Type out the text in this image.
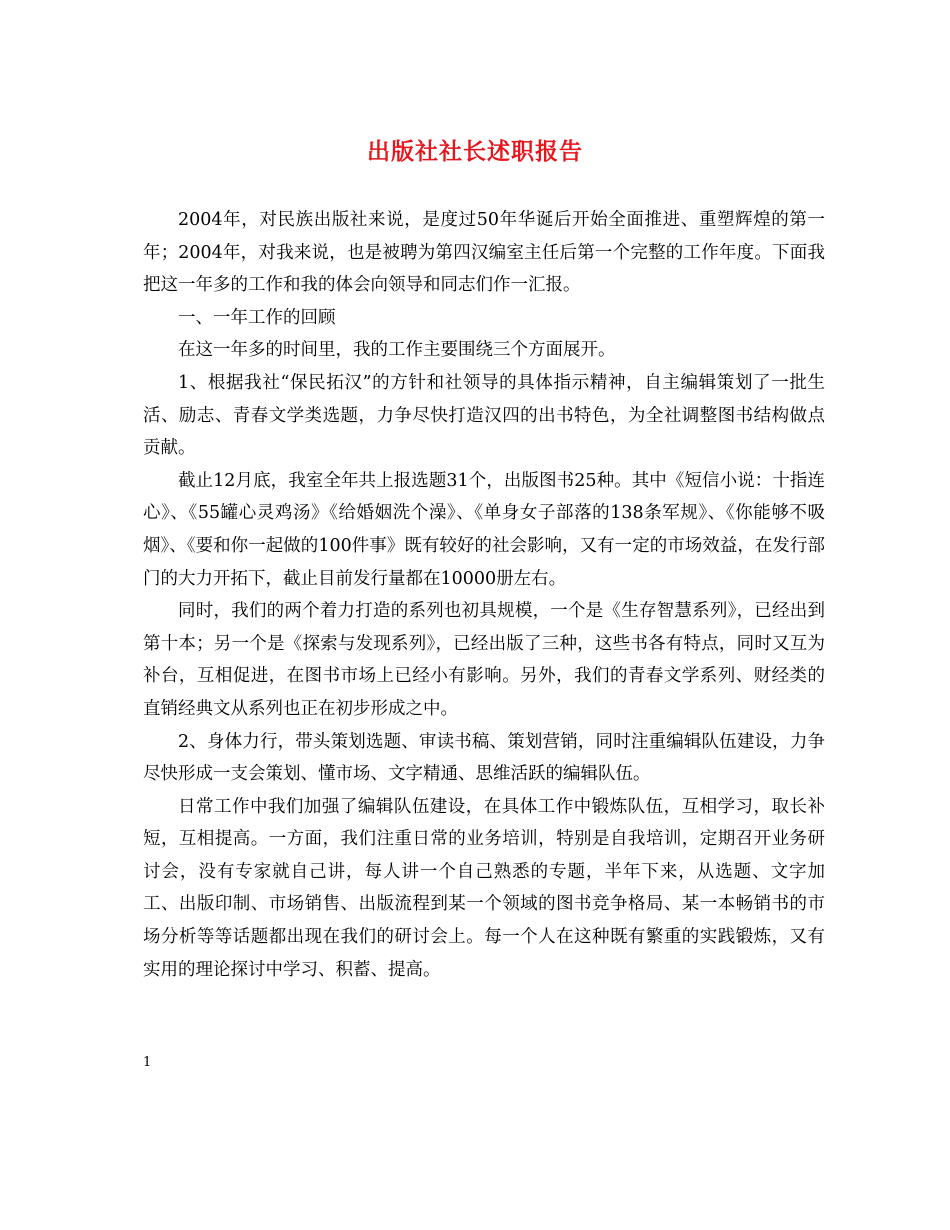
出版社社长述职报告

2004年，对民族出版社来说，是度过50年华诞后开始全面推进、重塑辉煌的第一年；2004年，对我来说，也是被聘为第四汉编室主任后第一个完整的工作年度。下面我把这一年多的工作和我的体会向领导和同志们作一汇报。

一、一年工作的回顾

在这一年多的时间里，我的工作主要围绕三个方面展开。

1、根据我社“保民拓汉”的方针和社领导的具体指示精神，自主编辑策划了一批生活、励志、青春文学类选题，力争尽快打造汉四的出书特色，为全社调整图书结构做点贡献。

截止12月底，我室全年共上报选题31个，出版图书25种。其中《短信小说：十指连心》、《55罐心灵鸡汤》《给婚姻洗个澡》、《单身女子部落的138条军规》、《你能够不吸烟》、《要和你一起做的100件事》既有较好的社会影响，又有一定的市场效益，在发行部门的大力开拓下，截止目前发行量都在10000册左右。

同时，我们的两个着力打造的系列也初具规模，一个是《生存智慧系列》，已经出到第十本；另一个是《探索与发现系列》，已经出版了三种，这些书各有特点，同时又互为补台，互相促进，在图书市场上已经小有影响。另外，我们的青春文学系列、财经类的直销经典文从系列也正在初步形成之中。

2、身体力行，带头策划选题、审读书稿、策划营销，同时注重编辑队伍建设，力争尽快形成一支会策划、懂市场、文字精通、思维活跃的编辑队伍。

日常工作中我们加强了编辑队伍建设，在具体工作中锻炼队伍，互相学习，取长补短，互相提高。一方面，我们注重日常的业务培训，特别是自我培训，定期召开业务研讨会，没有专家就自己讲，每人讲一个自己熟悉的专题，半年下来，从选题、文字加工、出版印制、市场销售、出版流程到某一个领域的图书竞争格局、某一本畅销书的市场分析等等话题都出现在我们的研讨会上。每一个人在这种既有繁重的实践锻炼，又有实用的理论探讨中学习、积蓄、提高。

1
